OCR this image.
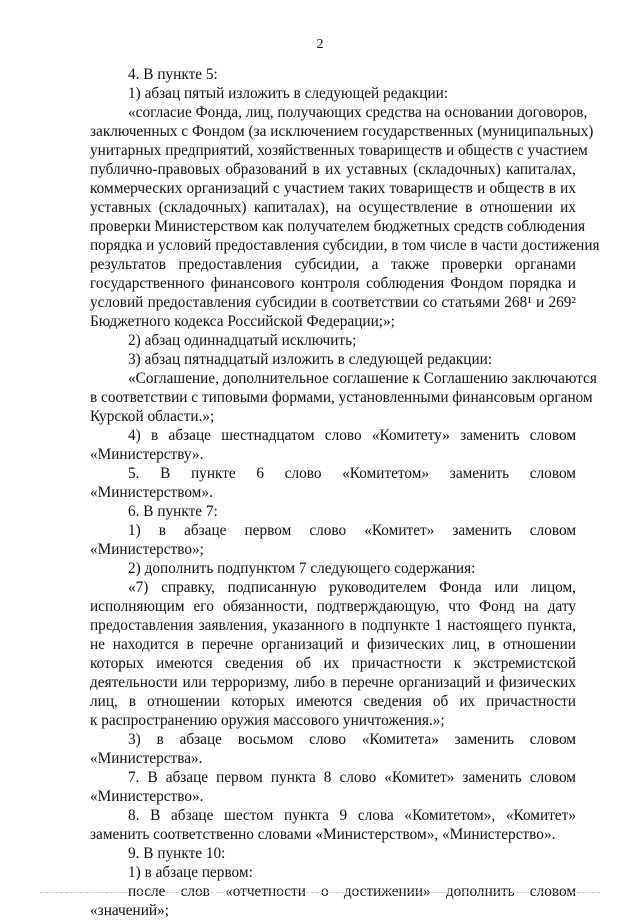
2

4. В пункте 5:

1) абзац пятый изложить в следующей редакции:

«согласие Фонда, лиц, получающих средства на основании договоров,

заключенных с Фондом (за исключением государственных (муниципальных)

унитарных предприятий, хозяйственных товариществ и обществ с участием

публично-правовых образований в их уставных (складочных) капиталах,

коммерческих организаций с участием таких товариществ и обществ в их

уставных (складочных) капиталах), на осуществление в отношении их

проверки Министерством как получателем бюджетных средств соблюдения

порядка и условий предоставления субсидии, в том числе в части достижения

результатов предоставления субсидии, а также проверки органами

государственного финансового контроля соблюдения Фондом порядка и

условий предоставления субсидии в соответствии со статьями 268¹ и 269²

Бюджетного кодекса Российской Федерации;»;

2) абзац одиннадцатый исключить;

3) абзац пятнадцатый изложить в следующей редакции:

«Соглашение, дополнительное соглашение к Соглашению заключаются

в соответствии с типовыми формами, установленными финансовым органом

Курской области.»;

4) в абзаце шестнадцатом слово «Комитету» заменить словом

«Министерству».

5. В пункте 6 слово «Комитетом» заменить словом

«Министерством».

6. В пункте 7:

1) в абзаце первом слово «Комитет» заменить словом

«Министерство»;

2) дополнить подпунктом 7 следующего содержания:

«7) справку, подписанную руководителем Фонда или лицом,

исполняющим его обязанности, подтверждающую, что Фонд на дату

предоставления заявления, указанного в подпункте 1 настоящего пункта,

не находится в перечне организаций и физических лиц, в отношении

которых имеются сведения об их причастности к экстремистской

деятельности или терроризму, либо в перечне организаций и физических

лиц, в отношении которых имеются сведения об их причастности

к распространению оружия массового уничтожения.»;

3) в абзаце восьмом слово «Комитета» заменить словом

«Министерства».

7. В абзаце первом пункта 8 слово «Комитет» заменить словом

«Министерство».

8. В абзаце шестом пункта 9 слова «Комитетом», «Комитет»

заменить соответственно словами «Министерством», «Министерство».

9. В пункте 10:

1) в абзаце первом:

после слов «отчетности о достижении» дополнить словом

«значений»;
